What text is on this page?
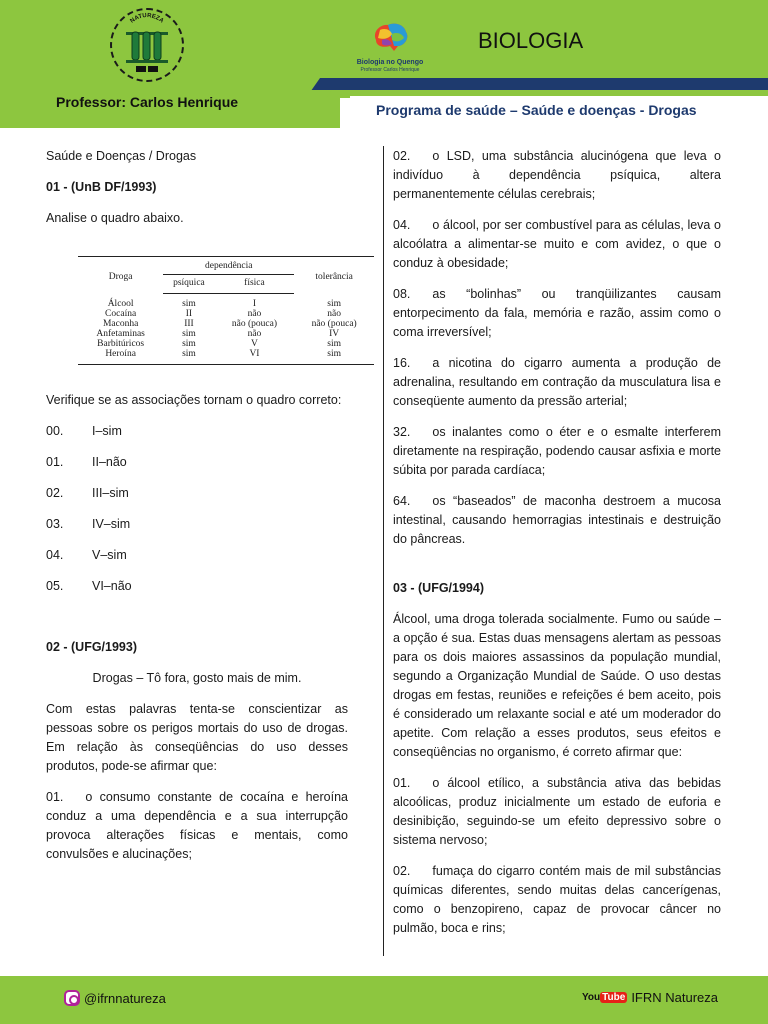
NATUREZA
Biologia no Quengo
Professor Carlos Henrique
BIOLOGIA
Professor: Carlos Henrique	Programa de saúde – Saúde e doenças - Drogas
Saúde e Doenças / Drogas
01 - (UnB DF/1993)
Analise o quadro abaixo.
Droga	dependência		tolerância
	psíquica	física	
Álcool	sim	I	sim
Cocaína	II	não	não
Maconha	III	não (pouca)	não (pouca)
Anfetaminas	sim	não	IV
Barbitúricos	sim	V	sim
Heroína	sim	VI	sim
Verifique se as associações tornam o quadro correto:
00.	I–sim
01.	II–não
02.	III–sim
03.	IV–sim
04.	V–sim
05.	VI–não
02 - (UFG/1993)
Drogas – Tô fora, gosto mais de mim.
Com estas palavras tenta-se conscientizar as pessoas sobre os perigos mortais do uso de drogas. Em relação às conseqüências do uso desses produtos, pode-se afirmar que:
01. o consumo constante de cocaína e heroína conduz a uma dependência e a sua interrupção provoca alterações físicas e mentais, como convulsões e alucinações;
02. o LSD, uma substância alucinógena que leva o indivíduo à dependência psíquica, altera permanentemente células cerebrais;
04. o álcool, por ser combustível para as células, leva o alcoólatra a alimentar-se muito e com avidez, o que o conduz à obesidade;
08. as “bolinhas” ou tranqüilizantes causam entorpecimento da fala, memória e razão, assim como o coma irreversível;
16. a nicotina do cigarro aumenta a produção de adrenalina, resultando em contração da musculatura lisa e conseqüente aumento da pressão arterial;
32. os inalantes como o éter e o esmalte interferem diretamente na respiração, podendo causar asfixia e morte súbita por parada cardíaca;
64. os “baseados” de maconha destroem a mucosa intestinal, causando hemorragias intestinais e destruição do pâncreas.
03 - (UFG/1994)
Álcool, uma droga tolerada socialmente. Fumo ou saúde – a opção é sua. Estas duas mensagens alertam as pessoas para os dois maiores assassinos da população mundial, segundo a Organização Mundial de Saúde. O uso destas drogas em festas, reuniões e refeições é bem aceito, pois é considerado um relaxante social e até um moderador do apetite. Com relação a esses produtos, seus efeitos e conseqüências no organismo, é correto afirmar que:
01. o álcool etílico, a substância ativa das bebidas alcoólicas, produz inicialmente um estado de euforia e desinibição, seguindo-se um efeito depressivo sobre o sistema nervoso;
02. fumaça do cigarro contém mais de mil substâncias químicas diferentes, sendo muitas delas cancerígenas, como o benzopireno, capaz de provocar câncer no pulmão, boca e rins;
@ifrnnatureza	You Tube IFRN Natureza
